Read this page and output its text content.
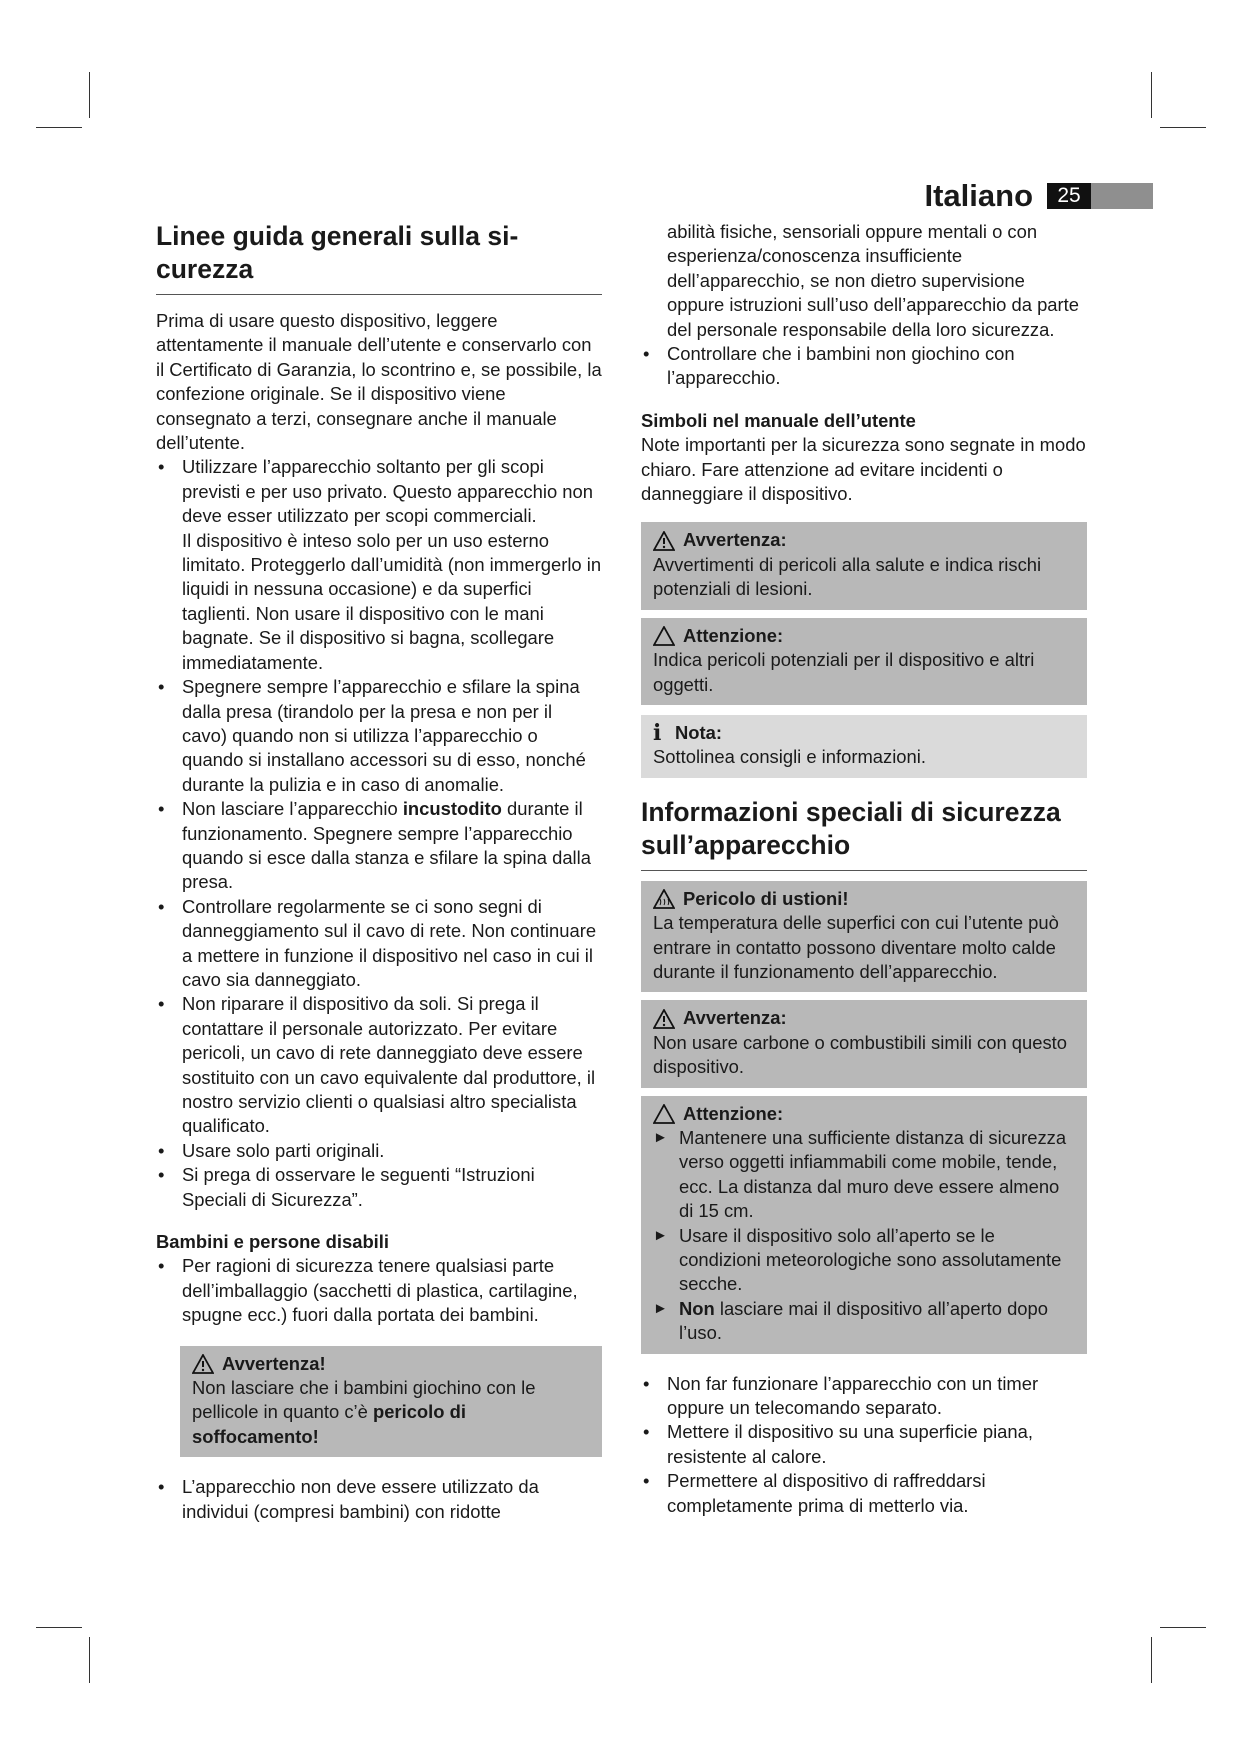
Italiano	25
Linee guida generali sulla si-curezza

Prima di usare questo dispositivo, leggere attentamente il manuale dell’utente e conservarlo con il Certificato di Garanzia, lo scontrino e, se possibile, la confezione originale. Se il dispositivo viene consegnato a terzi, consegnare anche il manuale dell’utente.

• Utilizzare l’apparecchio soltanto per gli scopi previsti e per uso privato. Questo apparecchio non deve esser utilizzato per scopi commerciali.

Il dispositivo è inteso solo per un uso esterno limitato. Proteggerlo dall’umidità (non immergerlo in liquidi in nessuna occasione) e da superfici taglienti. Non usare il dispositivo con le mani bagnate. Se il dispositivo si bagna, scollegare immediatamente.

• Spegnere sempre l’apparecchio e sfilare la spina dalla presa (tirandolo per la presa e non per il cavo) quando non si utilizza l’apparecchio o quando si installano accessori su di esso, nonché durante la pulizia e in caso di anomalie.
• Non lasciare l’apparecchio incustodito durante il funzionamento. Spegnere sempre l’apparecchio quando si esce dalla stanza e sfilare la spina dalla presa.
• Controllare regolarmente se ci sono segni di danneggiamento sul il cavo di rete. Non continuare a mettere in funzione il dispositivo nel caso in cui il cavo sia danneggiato.
• Non riparare il dispositivo da soli. Si prega il contattare il personale autorizzato. Per evitare pericoli, un cavo di rete danneggiato deve essere sostituito con un cavo equivalente dal produttore, il nostro servizio clienti o qualsiasi altro specialista qualificato.
• Usare solo parti originali.
• Si prega di osservare le seguenti “Istruzioni Speciali di Sicurezza”.

Bambini e persone disabili

• Per ragioni di sicurezza tenere qualsiasi parte dell’imballaggio (sacchetti di plastica, cartilagine, spugne ecc.) fuori dalla portata dei bambini.
Avvertenza!

Non lasciare che i bambini giochino con le pellicole in quanto c’è pericolo di soffocamento!

• L’apparecchio non deve essere utilizzato da individui (compresi bambini) con ridotte

abilità fisiche, sensoriali oppure mentali o con esperienza/conoscenza insufficiente dell’apparecchio, se non dietro supervisione oppure istruzioni sull’uso dell’apparecchio da parte del personale responsabile della loro sicurezza.

• Controllare che i bambini non giochino con l’apparecchio.

Simboli nel manuale dell’utente

Note importanti per la sicurezza sono segnate in modo chiaro. Fare attenzione ad evitare incidenti o danneggiare il dispositivo.

Avvertenza:

Avvertimenti di pericoli alla salute e indica rischi potenziali di lesioni.

Attenzione:

Indica pericoli potenziali per il dispositivo e altri oggetti.

i Nota:

Sottolinea consigli e informazioni.

Informazioni speciali di sicurezza sull’apparecchio
Pericolo di ustioni!

La temperatura delle superfici con cui l’utente può entrare in contatto possono diventare molto calde durante il funzionamento dell’apparecchio.

Avvertenza:

Non usare carbone o combustibili simili con questo dispositivo.

Attenzione:
► Mantenere una sufficiente distanza di sicurezza verso oggetti infiammabili come mobile, tende, ecc. La distanza dal muro deve essere almeno di 15 cm.
► Usare il dispositivo solo all’aperto se le condizioni meteorologiche sono assolutamente secche.
► Non lasciare mai il dispositivo all’aperto dopo l’uso.
• Non far funzionare l’apparecchio con un timer oppure un telecomando separato.
• Mettere il dispositivo su una superficie piana, resistente al calore.
• Permettere al dispositivo di raffreddarsi completamente prima di metterlo via.
